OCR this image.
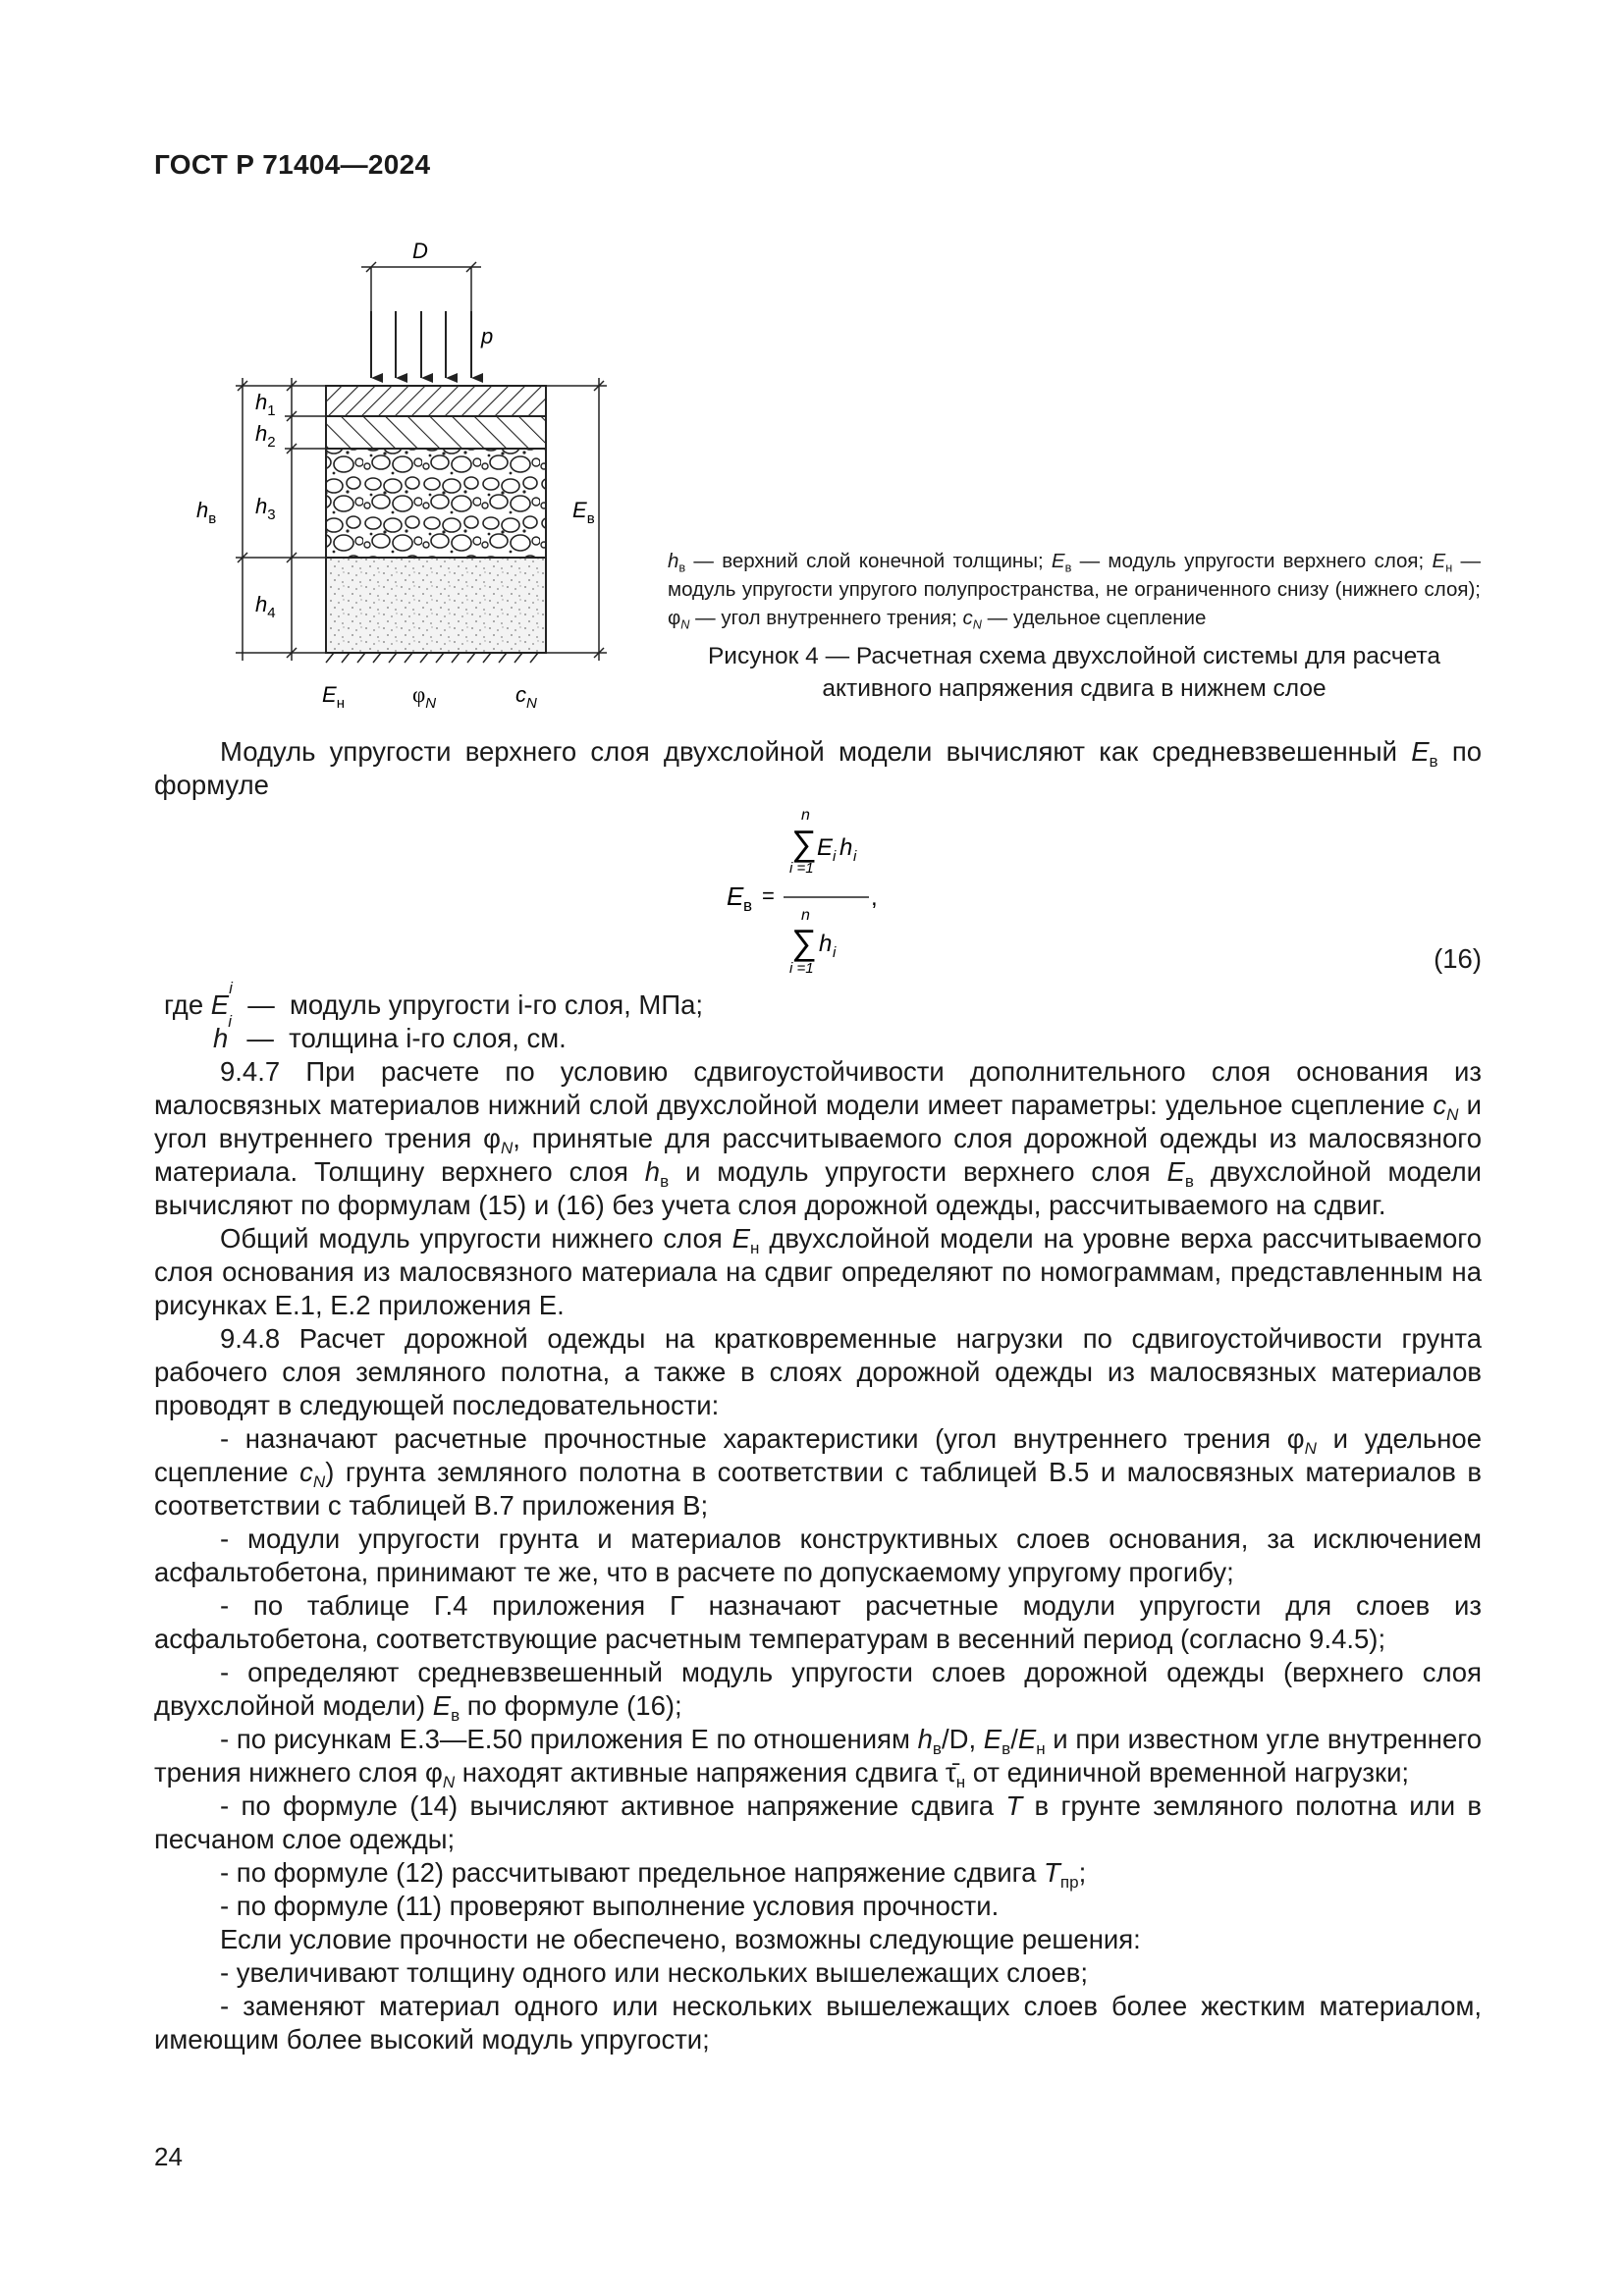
ГОСТ Р 71404—2024
D
p
$h_1$
$h_2$
$h_3$
$h_4$
$h_в$	$E_в$
$E_н$	$\varphi_N$	$c_N$
$h_в$ — верхний слой конечной толщины; $E_в$ — модуль упругости верхнего слоя; $E_н$ — модуль упругости упругого полупространства, не ограниченного снизу (нижнего слоя); $\varphi_N$ — угол внутреннего трения; $c_N$ — удельное сцепление
Рисунок 4 — Расчетная схема двухслойной системы для расчета
активного напряжения сдвига в нижнем слое

Модуль упругости верхнего слоя двухслойной модели вычисляют как средневзвешенный $E_в$ по формуле

E в =
n
∑
i =1
E i h i
n
∑
i =1
h i
,
(16)
где
E
i

—
модуль упругости i-го слоя, МПа;
h
i

—
толщина i-го слоя, см.

9.4.7 При расчете по условию сдвигоустойчивости дополнительного слоя основания из малосвязных материалов нижний слой двухслойной модели имеет параметры: удельное сцепление $c_N$ и угол внутреннего трения $\varphi_N$, принятые для рассчитываемого слоя дорожной одежды из малосвязного материала. Толщину верхнего слоя $h_в$ и модуль упругости верхнего слоя $E_в$ двухслойной модели вычисляют по формулам (15) и (16) без учета слоя дорожной одежды, рассчитываемого на сдвиг.

Общий модуль упругости нижнего слоя $E_н$ двухслойной модели на уровне верха рассчитываемого слоя основания из малосвязного материала на сдвиг определяют по номограммам, представленным на рисунках Е.1, Е.2 приложения Е.

9.4.8 Расчет дорожной одежды на кратковременные нагрузки по сдвигоустойчивости грунта рабочего слоя земляного полотна, а также в слоях дорожной одежды из малосвязных материалов проводят в следующей последовательности:

- назначают расчетные прочностные характеристики (угол внутреннего трения $\varphi_N$ и удельное сцепление $c_N$) грунта земляного полотна в соответствии с таблицей В.5 и малосвязных материалов в соответствии с таблицей В.7 приложения В;

- модули упругости грунта и материалов конструктивных слоев основания, за исключением асфальтобетона, принимают те же, что в расчете по допускаемому упругому прогибу;

- по таблице Г.4 приложения Г назначают расчетные модули упругости для слоев из асфальтобетона, соответствующие расчетным температурам в весенний период (согласно 9.4.5);

- определяют средневзвешенный модуль упругости слоев дорожной одежды (верхнего слоя двухслойной модели) $E_в$ по формуле (16);

- по рисункам Е.3—Е.50 приложения Е по отношениям $h_в/D$, $E_в/E_н$ и при известном угле внутреннего трения нижнего слоя $\varphi_N$ находят активные напряжения сдвига $\taū_н$ от единичной временной нагрузки;

- по формуле (14) вычисляют активное напряжение сдвига T в грунте земляного полотна или в песчаном слое одежды;

- по формуле (12) рассчитывают предельное напряжение сдвига $T_{пр}$;

- по формуле (11) проверяют выполнение условия прочности.

Если условие прочности не обеспечено, возможны следующие решения:

- увеличивают толщину одного или нескольких вышележащих слоев;

- заменяют материал одного или нескольких вышележащих слоев более жестким материалом, имеющим более высокий модуль упругости;

24
